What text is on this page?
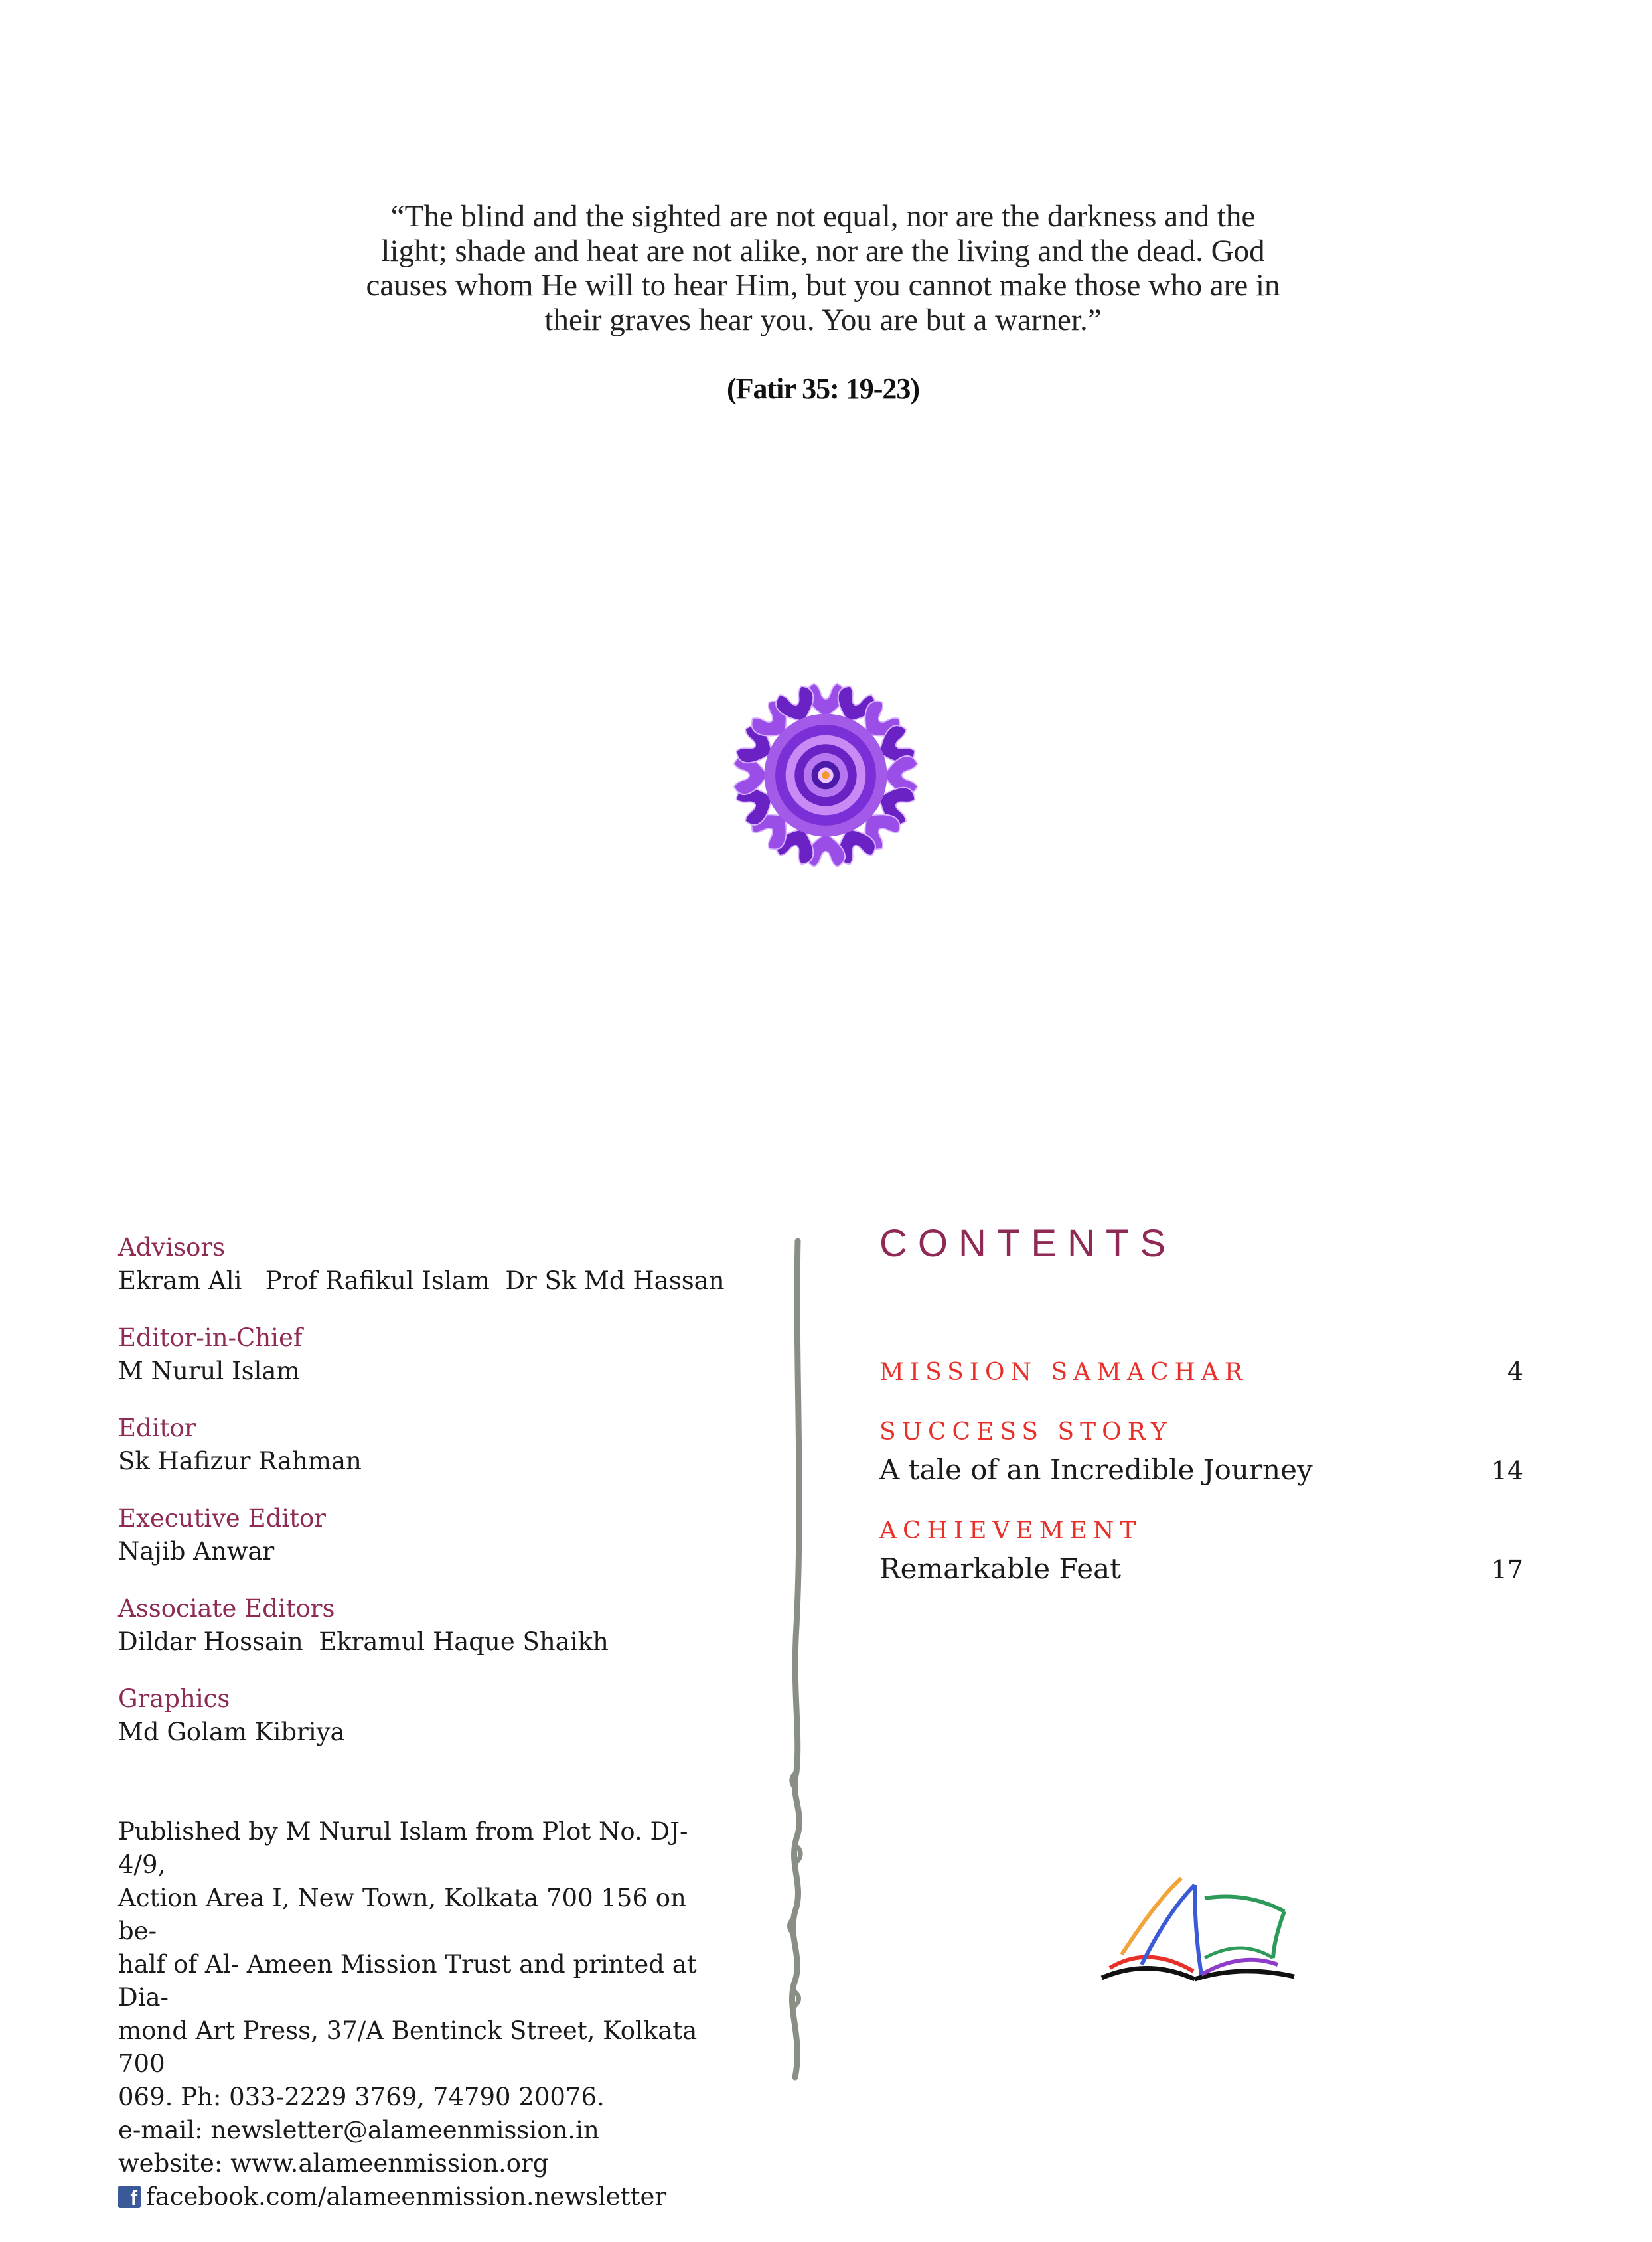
“The blind and the sighted are not equal, nor are the darkness and the
light; shade and heat are not alike, nor are the living and the dead. God
causes whom He will to hear Him, but you cannot make those who are in
their graves hear you. You are but a warner.”
(Fatir 35: 19-23)
Advisors
Ekram Ali   Prof Rafikul Islam  Dr Sk Md Hassan
Editor-in-Chief
M Nurul Islam
Editor
Sk Hafizur Rahman
Executive Editor
Najib Anwar
Associate Editors
Dildar Hossain  Ekramul Haque Shaikh
Graphics
Md Golam Kibriya
Published by M Nurul Islam from Plot No. DJ- 4/9,
Action Area I, New Town, Kolkata 700 156 on be-
half of Al- Ameen Mission Trust and printed at Dia-
mond Art Press, 37/A Bentinck Street, Kolkata 700
069. Ph: 033-2229 3769, 74790 20076.
e-mail: newsletter@alameenmission.in
website: www.alameenmission.org
f facebook.com/alameenmission.newsletter
CONTENTS
MISSION SAMACHAR	4
SUCCESS STORY
A tale of an Incredible Journey	14
ACHIEVEMENT
Remarkable Feat	17
